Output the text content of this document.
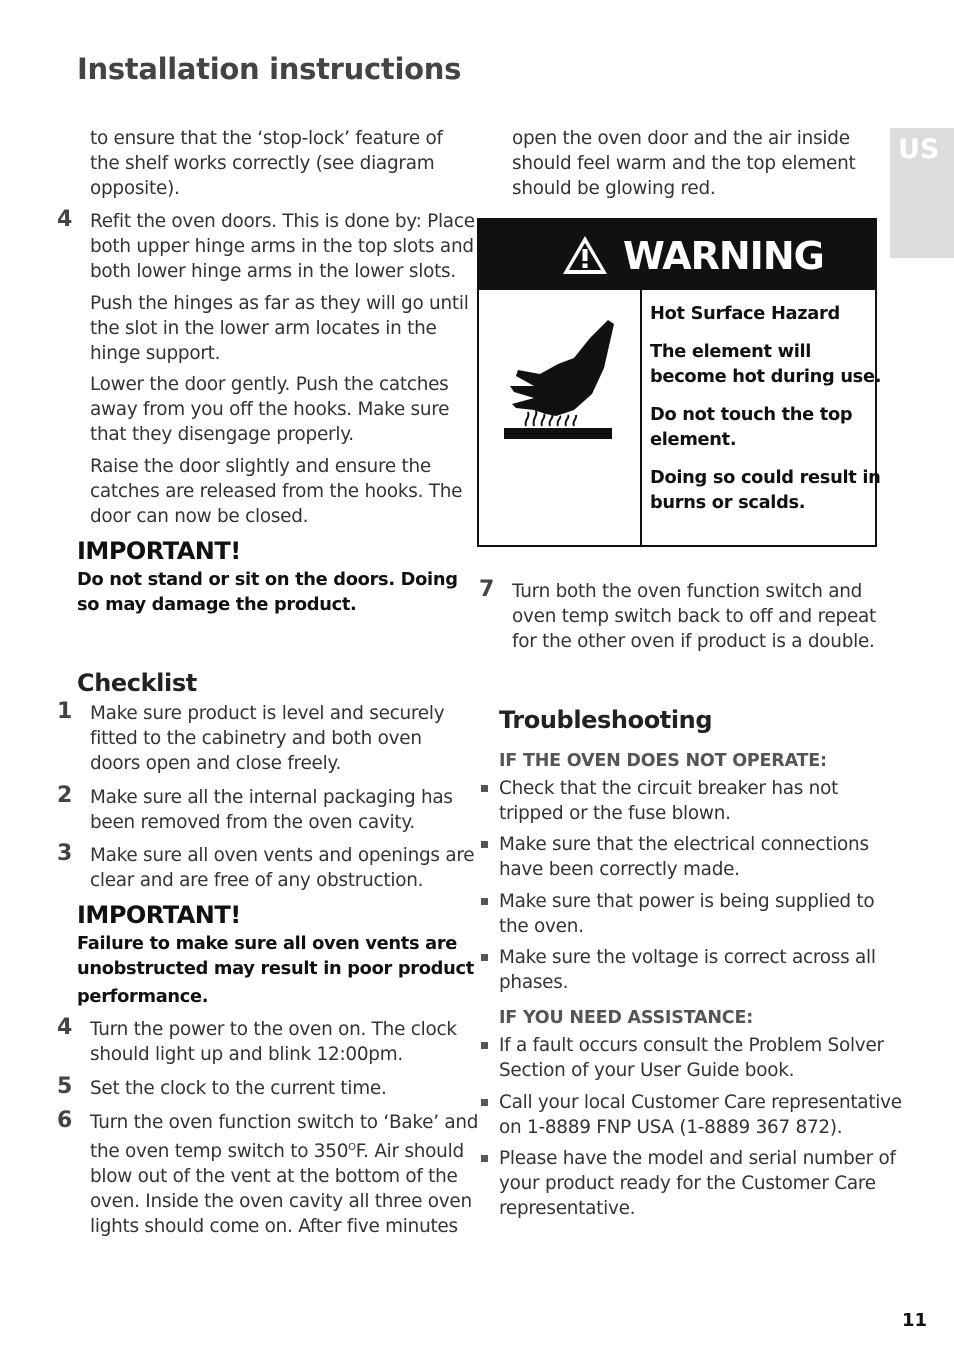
Installation instructions
US
to ensure that the ‘stop-lock’ feature of
the shelf works correctly (see diagram
opposite).
4 Refit the oven doors. This is done by: Place
both upper hinge arms in the top slots and
both lower hinge arms in the lower slots.
Push the hinges as far as they will go until
the slot in the lower arm locates in the
hinge support.
Lower the door gently. Push the catches
away from you off the hooks. Make sure
that they disengage properly.
Raise the door slightly and ensure the
catches are released from the hooks. The
door can now be closed.
IMPORTANT!
Do not stand or sit on the doors. Doing
so may damage the product.
Checklist
1 Make sure product is level and securely
fitted to the cabinetry and both oven
doors open and close freely.
2 Make sure all the internal packaging has
been removed from the oven cavity.
3 Make sure all oven vents and openings are
clear and are free of any obstruction.
IMPORTANT!
Failure to make sure all oven vents are
unobstructed may result in poor product
performance.
4 Turn the power to the oven on. The clock
should light up and blink 12:00pm.
5 Set the clock to the current time.
6 Turn the oven function switch to ‘Bake’ and
the oven temp switch to $350^OF$. Air should
blow out of the vent at the bottom of the
oven. Inside the oven cavity all three oven
lights should come on. After five minutes
open the oven door and the air inside
should feel warm and the top element
should be glowing red.
WARNING
Hot Surface Hazard
The element will
become hot during use.
Do not touch the top
element.
Doing so could result in
burns or scalds.
7 Turn both the oven function switch and
oven temp switch back to off and repeat
for the other oven if product is a double.
Troubleshooting
IF THE OVEN DOES NOT OPERATE:
Check that the circuit breaker has not
tripped or the fuse blown.
Make sure that the electrical connections
have been correctly made.
Make sure that power is being supplied to
the oven.
Make sure the voltage is correct across all
phases.
IF YOU NEED ASSISTANCE:
If a fault occurs consult the Problem Solver
Section of your User Guide book.
Call your local Customer Care representative
on 1-8889 FNP USA (1-8889 367 872).
Please have the model and serial number of
your product ready for the Customer Care
representative.
11
